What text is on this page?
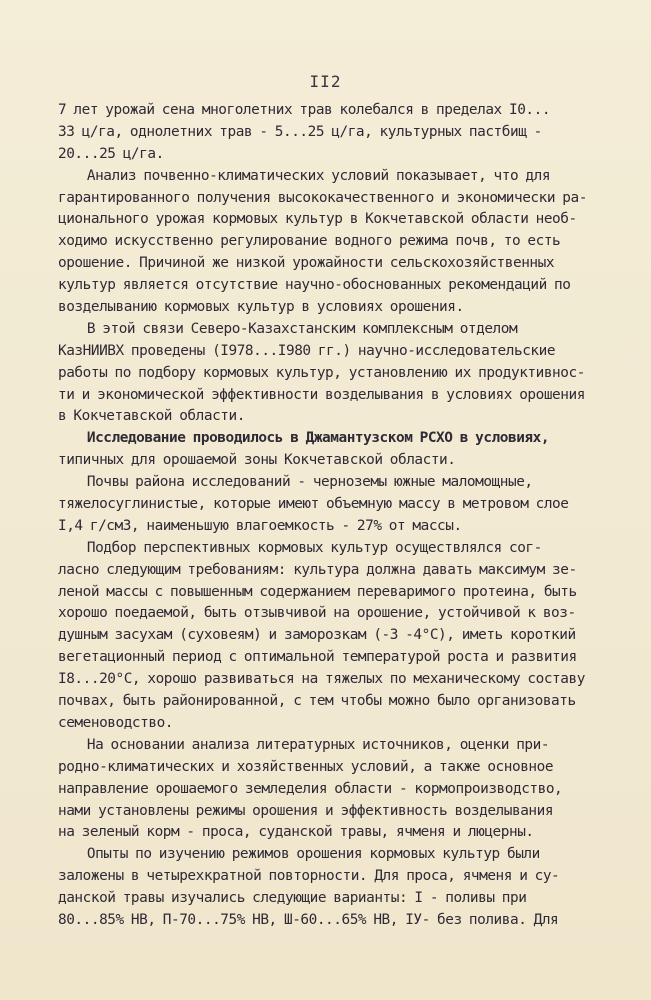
II2
7 лет урожай сена многолетних трав колебался в пределах I0...
33 ц/га, однолетних трав - 5...25 ц/га, культурных пастбищ -
20...25 ц/га.
Анализ почвенно-климатических условий показывает, что для
гарантированного получения высококачественного и экономически ра-
ционального урожая кормовых культур в Кокчетавской области необ-
ходимо искусственно регулирование водного режима почв, то есть
орошение. Причиной же низкой урожайности сельскохозяйственных
культур является отсутствие научно-обоснованных рекомендаций по
возделыванию кормовых культур в условиях орошения.
В этой связи Северо-Казахстанским комплексным отделом
КазНИИВХ проведены (I978...I980 гг.) научно-исследовательские
работы по подбору кормовых культур, установлению их продуктивнос-
ти и экономической эффективности возделывания в условиях орошения
в Кокчетавской области.
Исследование проводилось в Джамантузском РСХО в условиях,
типичных для орошаемой зоны Кокчетавской области.
Почвы района исследований - черноземы южные маломощные,
тяжелосуглинистые, которые имеют объемную массу в метровом слое
I,4 г/см3, наименьшую влагоемкость - 27% от массы.
Подбор перспективных кормовых культур осуществлялся сог-
ласно следующим требованиям: культура должна давать максимум зе-
леной массы с повышенным содержанием переваримого протеина, быть
хорошо поедаемой, быть отзывчивой на орошение, устойчивой к воз-
душным засухам (суховеям) и заморозкам (-3 -4°С), иметь короткий
вегетационный период с оптимальной температурой роста и развития
I8...20°С, хорошо развиваться на тяжелых по механическому составу
почвах, быть районированной, с тем чтобы можно было организовать
семеноводство.
На основании анализа литературных источников, оценки при-
родно-климатических и хозяйственных условий, а также основное
направление орошаемого земледелия области - кормопроизводство,
нами установлены режимы орошения и эффективность возделывания
на зеленый корм - проса, суданской травы, ячменя и люцерны.
Опыты по изучению режимов орошения кормовых культур были
заложены в четырехкратной повторности. Для проса, ячменя и су-
данской травы изучались следующие варианты: I - поливы при
80...85% НВ, П-70...75% НВ, Ш-60...65% НВ, IУ- без полива. Для
